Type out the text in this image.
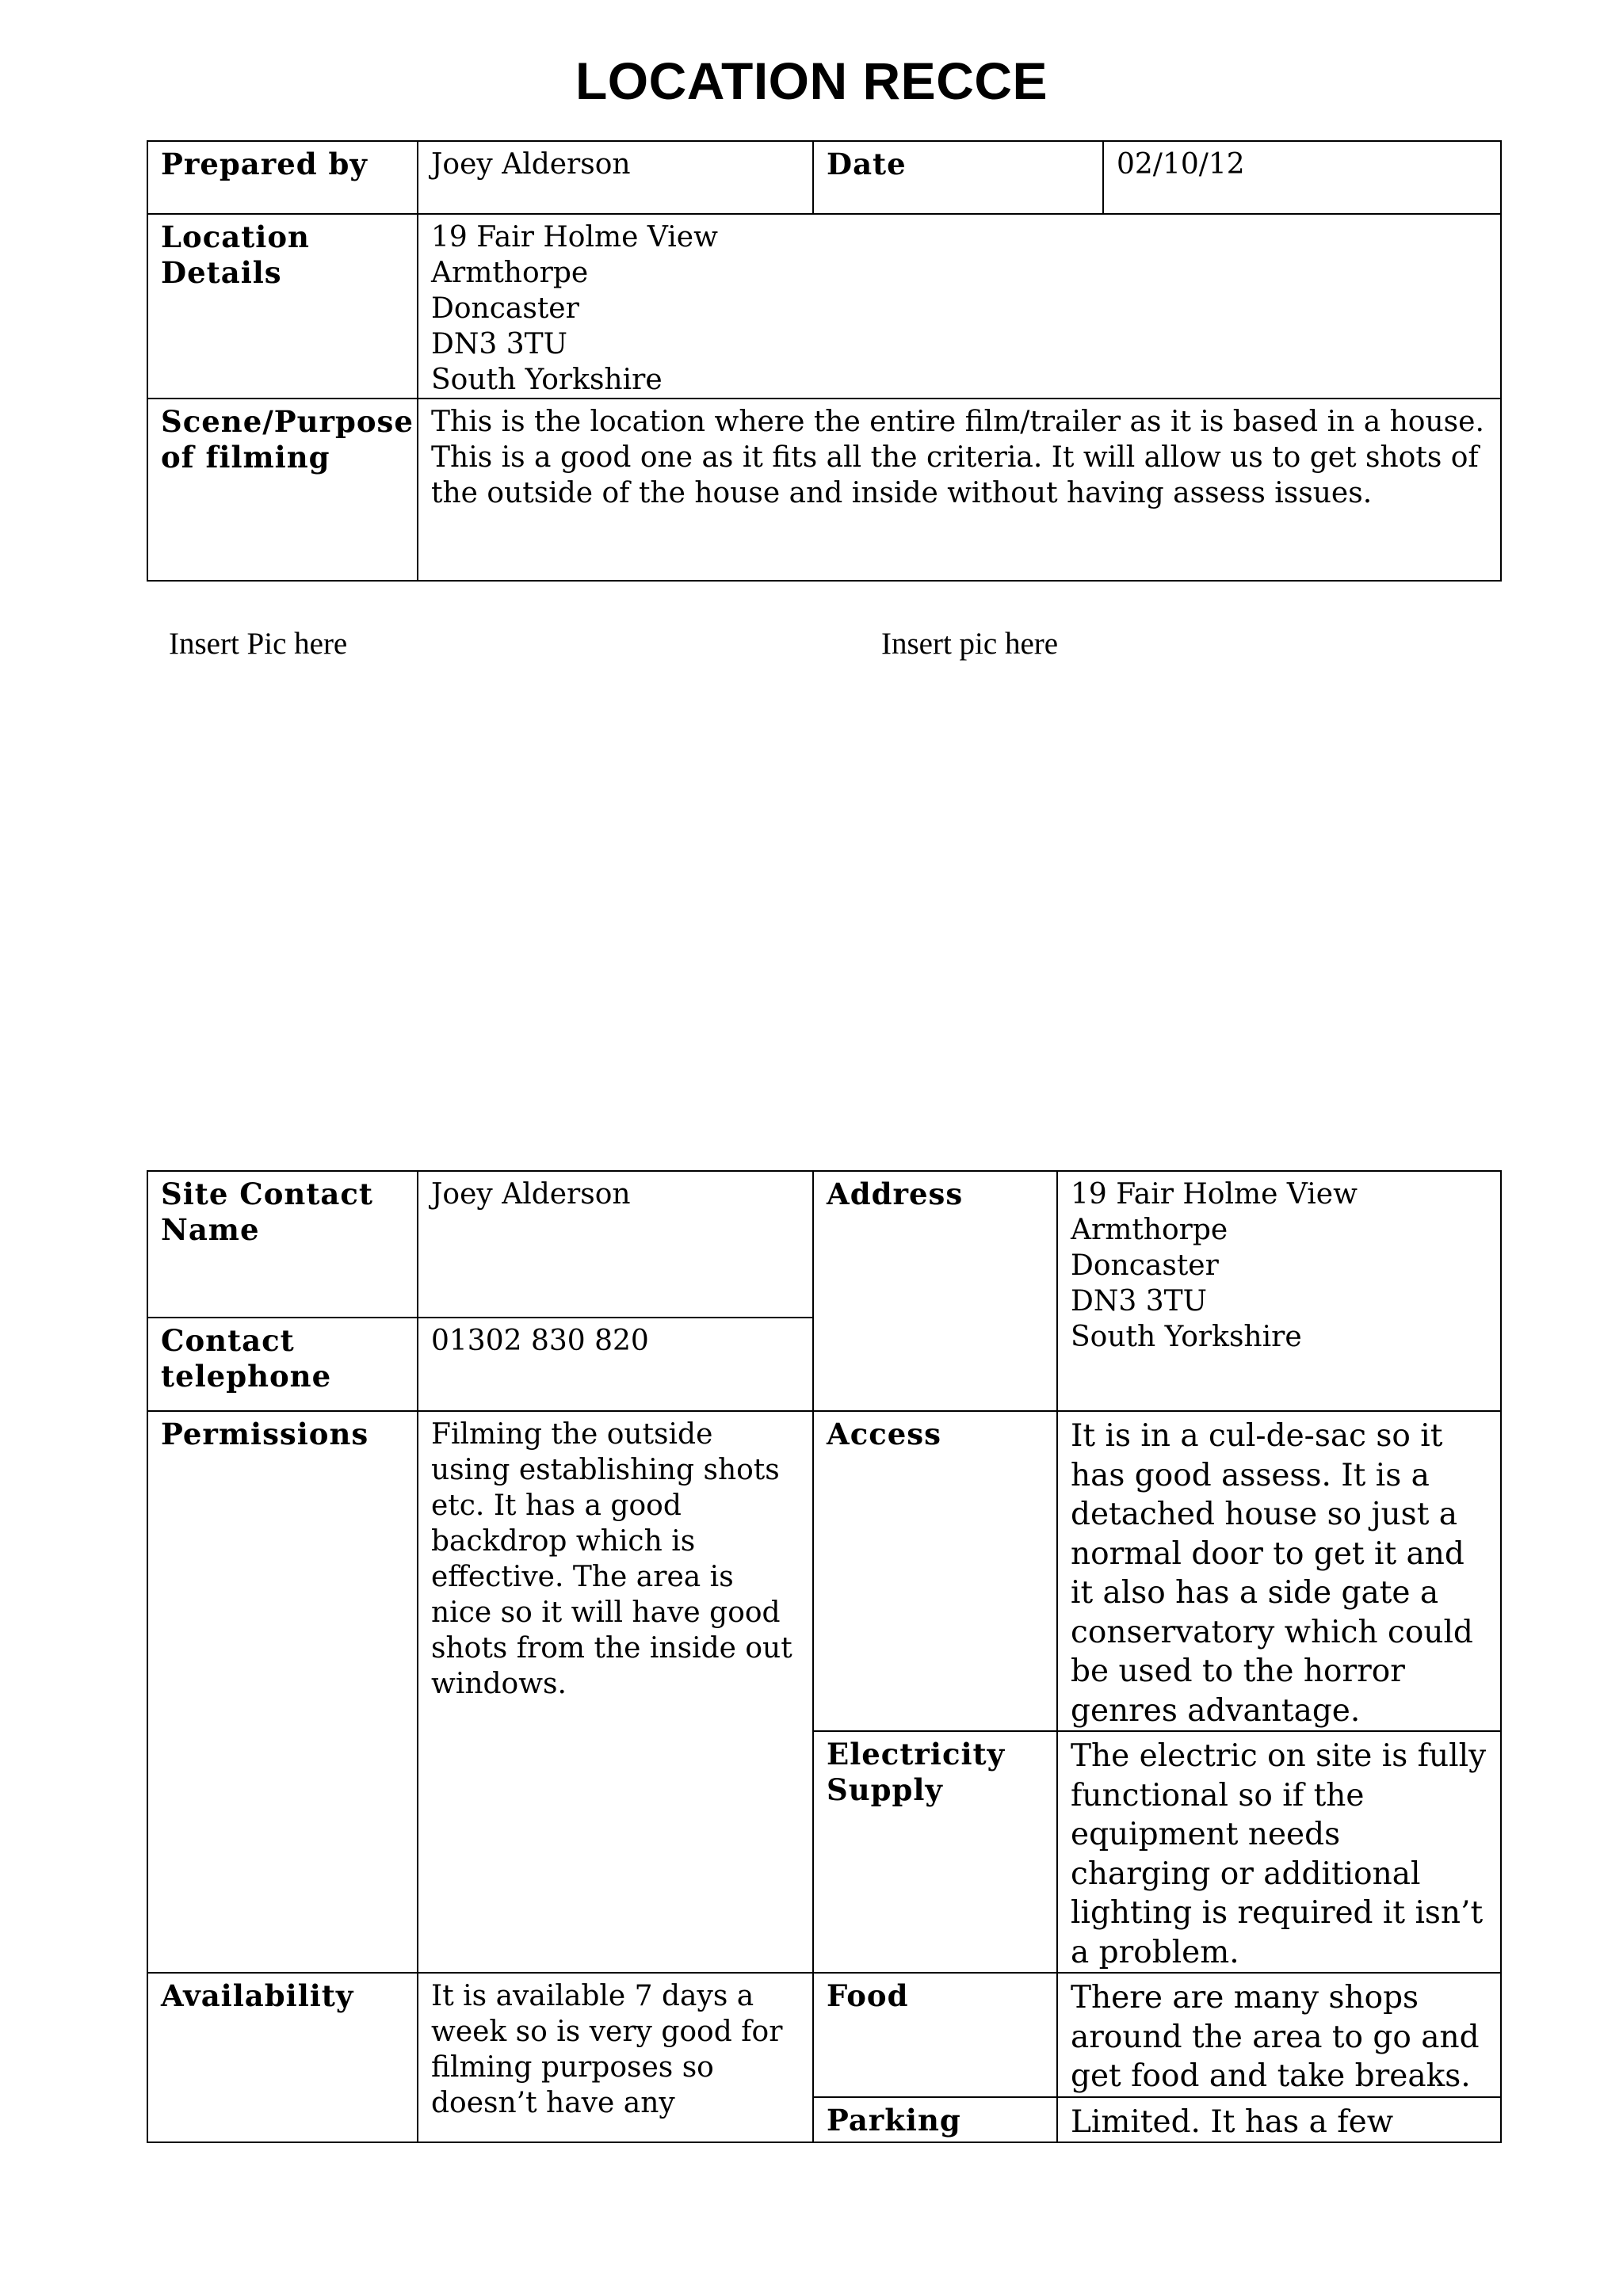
LOCATION RECCE
Prepared by	Joey Alderson	Date	02/10/12
Location Details	19 Fair Holme View
Armthorpe
Doncaster
DN3 3TU
South Yorkshire		
Scene/Purpose of filming	This is the location where the entire film/trailer as it is based in a house. This is a good one as it fits all the criteria. It will allow us to get shots of the outside of the house and inside without having assess issues.		
Insert Pic here	Insert pic here
Site Contact Name	Joey Alderson	Address	19 Fair Holme View
Armthorpe
Doncaster
DN3 3TU
South Yorkshire
Contact telephone	01302 830 820		
Permissions	Filming the outside using establishing shots etc. It has a good backdrop which is effective. The area is nice so it will have good shots from the inside out windows.	Access	It is in a cul-de-sac so it has good assess. It is a detached house so just a normal door to get it and it also has a side gate a conservatory which could be used to the horror genres advantage.
		Electricity Supply	The electric on site is fully functional so if the equipment needs charging or additional lighting is required it isn’t a problem.
Availability	It is available 7 days a week so is very good for filming purposes so doesn’t have any	Food	There are many shops around the area to go and get food and take breaks.
		Parking	Limited. It has a few
